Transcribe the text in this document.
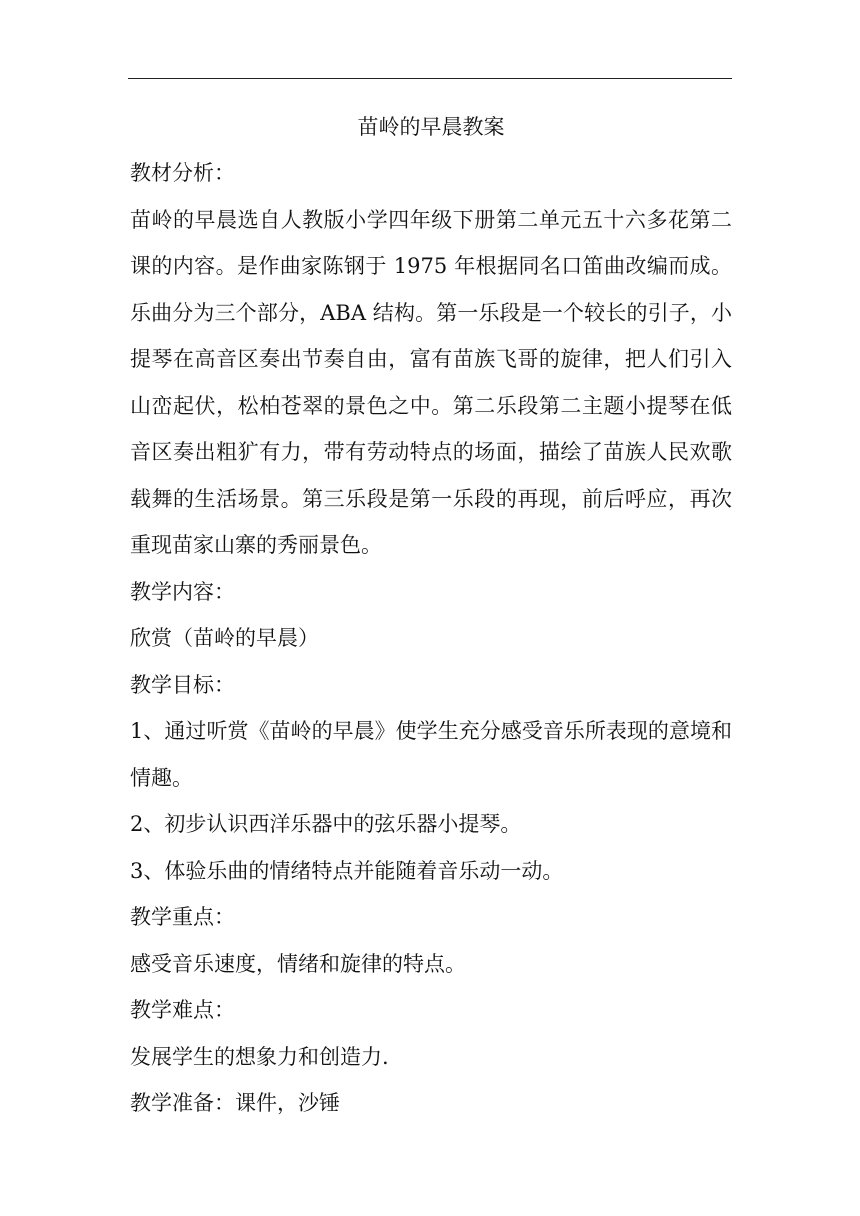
苗岭的早晨教案

教材分析：

苗岭的早晨选自人教版小学四年级下册第二单元五十六多花第二课的内容。是作曲家陈钢于 1975 年根据同名口笛曲改编而成。乐曲分为三个部分，ABA 结构。第一乐段是一个较长的引子，小提琴在高音区奏出节奏自由，富有苗族飞哥的旋律，把人们引入山峦起伏，松柏苍翠的景色之中。第二乐段第二主题小提琴在低音区奏出粗犷有力，带有劳动特点的场面，描绘了苗族人民欢歌载舞的生活场景。第三乐段是第一乐段的再现，前后呼应，再次重现苗家山寨的秀丽景色。

教学内容：

欣赏（苗岭的早晨）

教学目标：

1、通过听赏《苗岭的早晨》使学生充分感受音乐所表现的意境和情趣。

2、初步认识西洋乐器中的弦乐器小提琴。

3、体验乐曲的情绪特点并能随着音乐动一动。

教学重点：

感受音乐速度，情绪和旋律的特点。

教学难点：

发展学生的想象力和创造力.

教学准备：课件，沙锤
